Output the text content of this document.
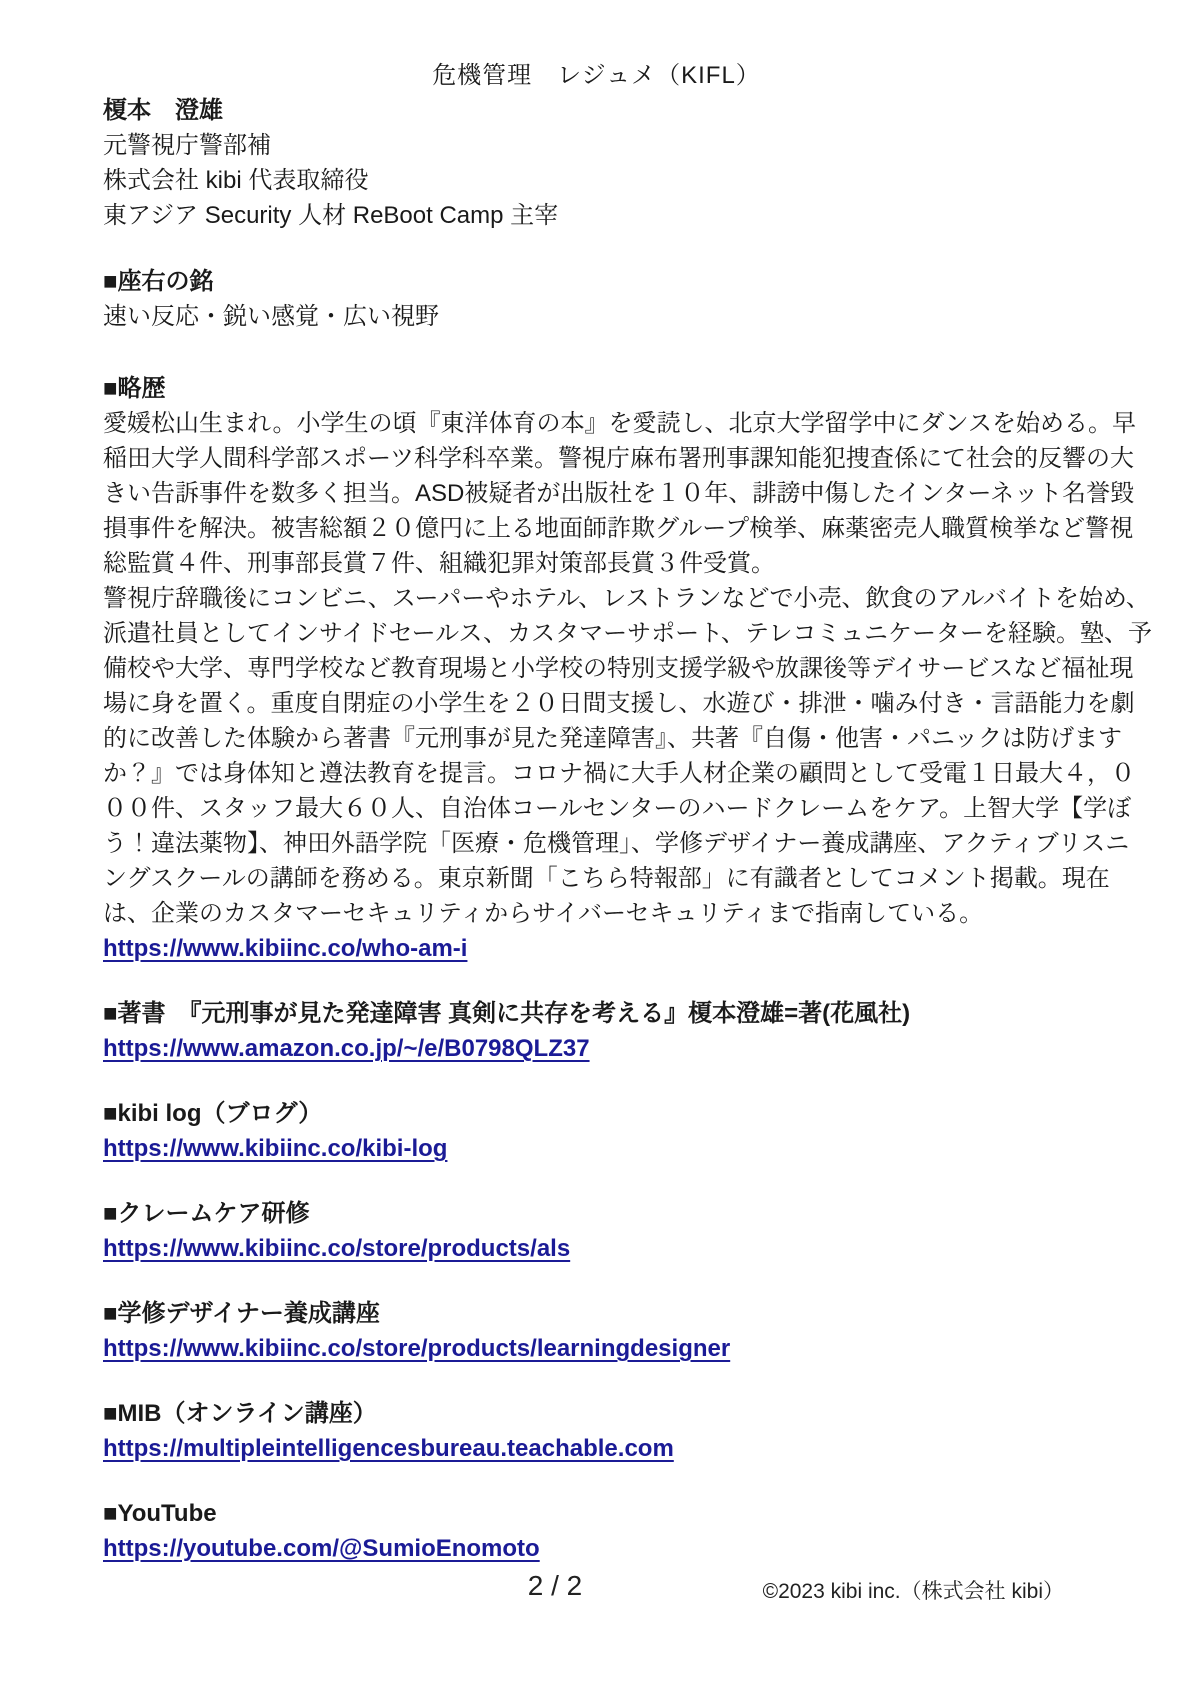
危機管理　レジュメ（KIFL）
榎本　澄雄
元警視庁警部補
株式会社 kibi 代表取締役
東アジア Security 人材 ReBoot Camp 主宰
■座右の銘
速い反応・鋭い感覚・広い視野
■略歴
愛媛松山生まれ。小学生の頃『東洋体育の本』を愛読し、北京大学留学中にダンスを始める。早
稲田大学人間科学部スポーツ科学科卒業。警視庁麻布署刑事課知能犯捜査係にて社会的反響の大
きい告訴事件を数多く担当。ASD被疑者が出版社を１０年、誹謗中傷したインターネット名誉毀
損事件を解決。被害総額２０億円に上る地面師詐欺グループ検挙、麻薬密売人職質検挙など警視
総監賞４件、刑事部長賞７件、組織犯罪対策部長賞３件受賞。
警視庁辞職後にコンビニ、スーパーやホテル、レストランなどで小売、飲食のアルバイトを始め、
派遣社員としてインサイドセールス、カスタマーサポート、テレコミュニケーターを経験。塾、予
備校や大学、専門学校など教育現場と小学校の特別支援学級や放課後等デイサービスなど福祉現
場に身を置く。重度自閉症の小学生を２０日間支援し、水遊び・排泄・噛み付き・言語能力を劇
的に改善した体験から著書『元刑事が見た発達障害』、共著『自傷・他害・パニックは防げます
か？』では身体知と遵法教育を提言。コロナ禍に大手人材企業の顧問として受電１日最大４，０
００件、スタッフ最大６０人、自治体コールセンターのハードクレームをケア。上智大学【学ぼ
う！違法薬物】、神田外語学院「医療・危機管理」、学修デザイナー養成講座、アクティブリスニ
ングスクールの講師を務める。東京新聞「こちら特報部」に有識者としてコメント掲載。現在
は、企業のカスタマーセキュリティからサイバーセキュリティまで指南している。
https://www.kibiinc.co/who-am-i
■著書　『元刑事が見た発達障害 真剣に共存を考える』榎本澄雄=著(花風社)
https://www.amazon.co.jp/~/e/B0798QLZ37
■kibi log（ブログ）
https://www.kibiinc.co/kibi-log
■クレームケア研修
https://www.kibiinc.co/store/products/als
■学修デザイナー養成講座
https://www.kibiinc.co/store/products/learningdesigner
■MIB（オンライン講座）
https://multipleintelligencesbureau.teachable.com
■YouTube
https://youtube.com/@SumioEnomoto
2 / 2	©2023 kibi inc.（株式会社 kibi）
